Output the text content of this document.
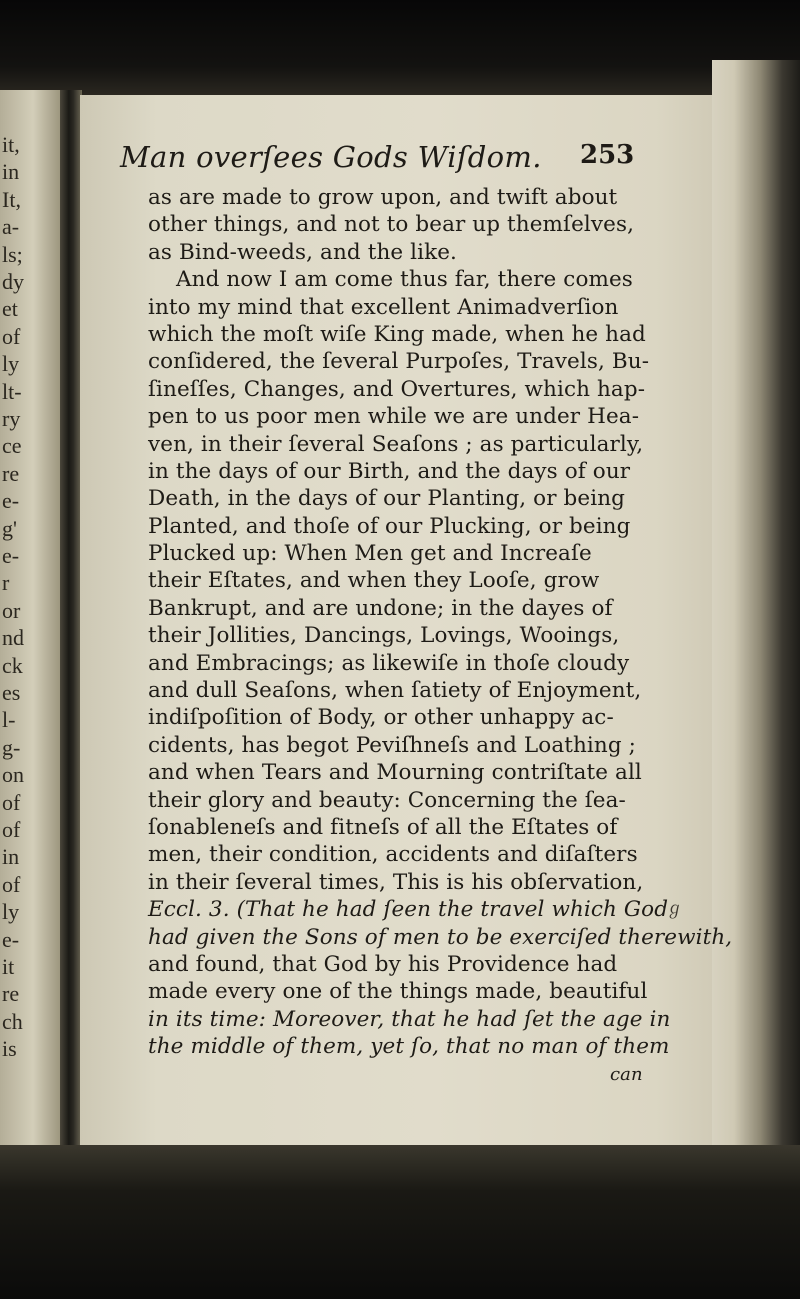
it,
in
It,
a-
ls;
dy
et
of
ly
lt-
ry
ce
re
e-
g'
e-
r
or
nd
ck
es
l-
g-
on
of
of
in
of
ly
e-
it
re
ch
is
Man overſees Gods Wiſdom. 253
as are made to grow upon, and twift about
other things, and not to bear up themſelves,
as Bind-weeds, and the like.
And now I am come thus far, there comes
into my mind that excellent Animadverſion
which the moſt wiſe King made, when he had
conſidered, the ſeveral Purpoſes, Travels, Bu-
ſineſſes, Changes, and Overtures, which hap-
pen to us poor men while we are under Hea-
ven, in their ſeveral Seaſons ; as particularly,
in the days of our Birth, and the days of our
Death, in the days of our Planting, or being
Planted, and thoſe of our Plucking, or being
Plucked up: When Men get and Increaſe
their Eſtates, and when they Looſe, grow
Bankrupt, and are undone; in the dayes of
their Jollities, Dancings, Lovings, Wooings,
and Embracings; as likewiſe in thoſe cloudy
and dull Seaſons, when ſatiety of Enjoyment,
indiſpoſition of Body, or other unhappy ac-
cidents, has begot Peviſhneſs and Loathing ;
and when Tears and Mourning contriſtate all
their glory and beauty: Concerning the ſea-
ſonableneſs and fitneſs of all the Eſtates of
men, their condition, accidents and diſaſters
in their ſeveral times, This is his obſervation,
Eccl. 3. (That he had ſeen the travel which God
had given the Sons of men to be exerciſed therewith,
and found, that God by his Providence had
made every one of the things made, beautiful
in its time: Moreover, that he had ſet the age in
the middle of them, yet ſo, that no man of them
can
ℊ
